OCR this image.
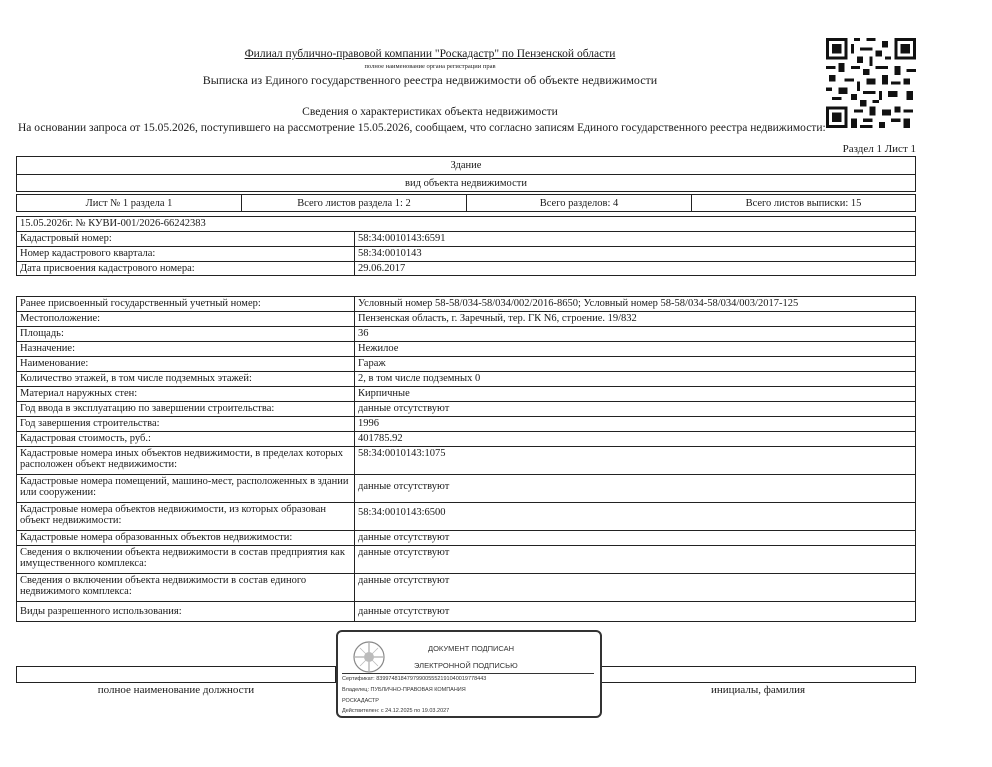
Филиал публично-правовой компании "Роскадастр" по Пензенской области
полное наименование органа регистрации прав
Выписка из Единого государственного реестра недвижимости об объекте недвижимости
Сведения о характеристиках объекта недвижимости
На основании запроса от 15.05.2026, поступившего на рассмотрение 15.05.2026, сообщаем, что согласно записям Единого государственного реестра недвижимости:
Раздел 1 Лист 1
Здание
вид объекта недвижимости
Лист № 1 раздела 1	Всего листов раздела 1: 2	Всего разделов: 4	Всего листов выписки: 15
15.05.2026г. № КУВИ-001/2026-66242383
Кадастровый номер:	58:34:0010143:6591
Номер кадастрового квартала:	58:34:0010143
Дата присвоения кадастрового номера:	29.06.2017
Ранее присвоенный государственный учетный номер:	Условный номер 58-58/034-58/034/002/2016-8650; Условный номер 58-58/034-58/034/003/2017-125
Местоположение:	Пензенская область, г. Заречный, тер. ГК N6, строение. 19/832
Площадь:	36
Назначение:	Нежилое
Наименование:	Гараж
Количество этажей, в том числе подземных этажей:	2, в том числе подземных 0
Материал наружных стен:	Кирпичные
Год ввода в эксплуатацию по завершении строительства:	данные отсутствуют
Год завершения строительства:	1996
Кадастровая стоимость, руб.:	401785.92
Кадастровые номера иных объектов недвижимости, в пределах которых расположен объект недвижимости:
58:34:0010143:1075
Кадастровые номера помещений, машино-мест, расположенных в здании или сооружении:
данные отсутствуют
Кадастровые номера объектов недвижимости, из которых образован объект недвижимости:
58:34:0010143:6500
Кадастровые номера образованных объектов недвижимости:	данные отсутствуют
Сведения о включении объекта недвижимости в состав предприятия как имущественного комплекса:
данные отсутствуют
Сведения о включении объекта недвижимости в состав единого недвижимого комплекса:
данные отсутствуют
Виды разрешенного использования:	данные отсутствуют
полное наименование должности	инициалы, фамилия
ДОКУМЕНТ ПОДПИСАН
ЭЛЕКТРОННОЙ ПОДПИСЬЮ
Сертификат: 839974818479799005552191040019778443
Владелец: ПУБЛИЧНО-ПРАВОВАЯ КОМПАНИЯ
РОСКАДАСТР
Действителен: с 24.12.2025 по 19.03.2027
